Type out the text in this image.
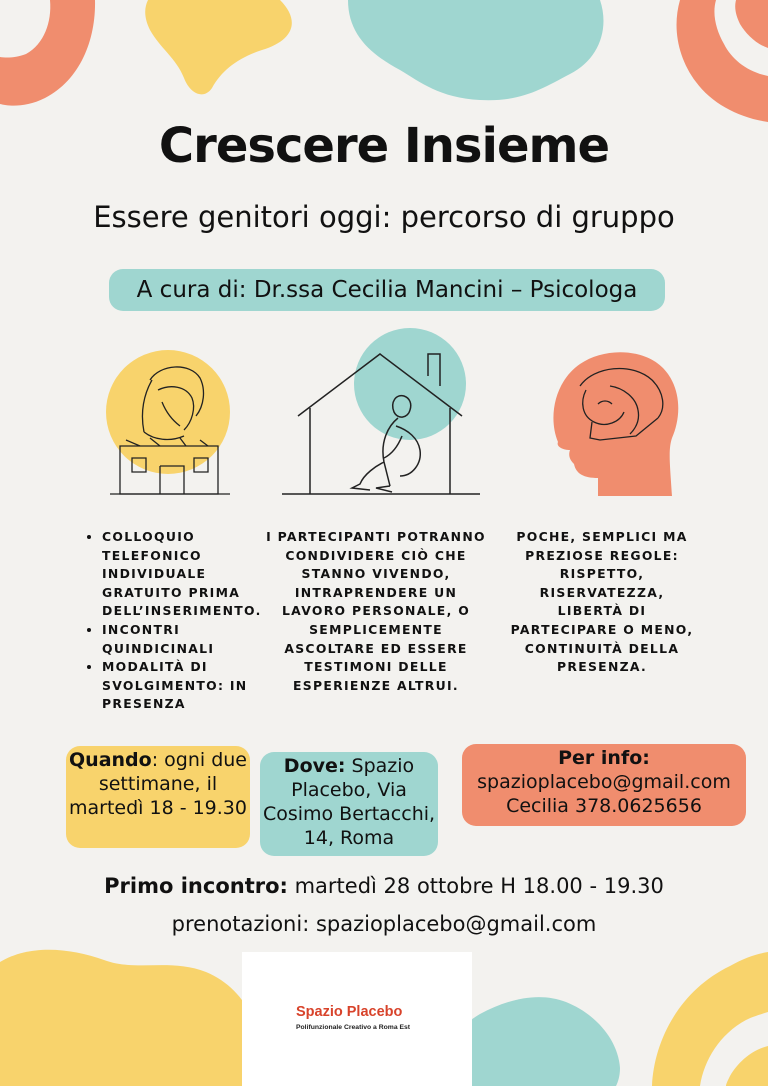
Crescere Insieme
Essere genitori oggi: percorso di gruppo
A cura di: Dr.ssa Cecilia Mancini – Psicologa
• COLLOQUIO TELEFONICO INDIVIDUALE GRATUITO PRIMA DELL’INSERIMENTO.
• INCONTRI QUINDICINALI
• MODALITÀ DI SVOLGIMENTO: IN PRESENZA
I PARTECIPANTI POTRANNO CONDIVIDERE CIÒ CHE STANNO VIVENDO, INTRAPRENDERE UN LAVORO PERSONALE, O SEMPLICEMENTE ASCOLTARE ED ESSERE TESTIMONI DELLE ESPERIENZE ALTRUI.
POCHE, SEMPLICI MA PREZIOSE REGOLE: RISPETTO, RISERVATEZZA, LIBERTÀ DI PARTECIPARE O MENO, CONTINUITÀ DELLA PRESENZA.
Quando: ogni due settimane, il martedì 18 - 19.30
Dove: Spazio Placebo, Via Cosimo Bertacchi, 14, Roma
Per info:
spazioplacebo@gmail.com
Cecilia 378.0625656
Primo incontro: martedì 28 ottobre H 18.00 - 19.30
prenotazioni: spazioplacebo@gmail.com
Spazio Placebo
Polifunzionale Creativo a Roma Est
